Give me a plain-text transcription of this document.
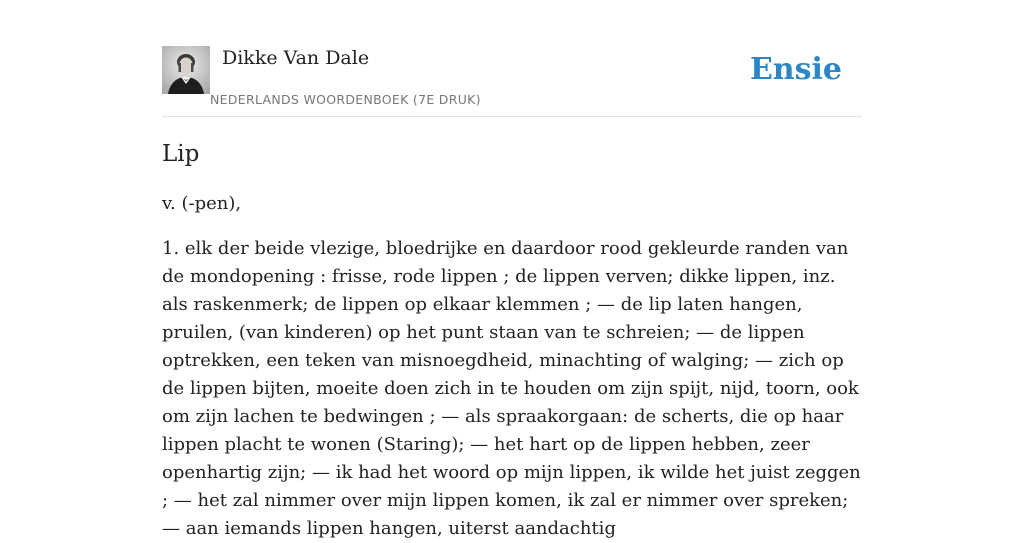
Dikke Van Dale
NEDERLANDS WOORDENBOEK (7E DRUK)
Ensie
Lip

v. (-pen),

1. elk der beide vlezige, bloedrijke en daardoor rood gekleurde randen van de mondopening : frisse, rode lippen ; de lippen verven; dikke lippen, inz. als raskenmerk; de lippen op elkaar klemmen ; — de lip laten hangen, pruilen, (van kinderen) op het punt staan van te schreien; — de lippen optrekken, een teken van misnoegdheid, minachting of walging; — zich op de lippen bijten, moeite doen zich in te houden om zijn spijt, nijd, toorn, ook om zijn lachen te bedwingen ; — als spraakorgaan: de scherts, die op haar lippen placht te wonen (Staring); — het hart op de lippen hebben, zeer openhartig zijn; — ik had het woord op mijn lippen, ik wilde het juist zeggen ; — het zal nimmer over mijn lippen komen, ik zal er nimmer over spreken; — aan iemands lippen hangen, uiterst aandachtig
